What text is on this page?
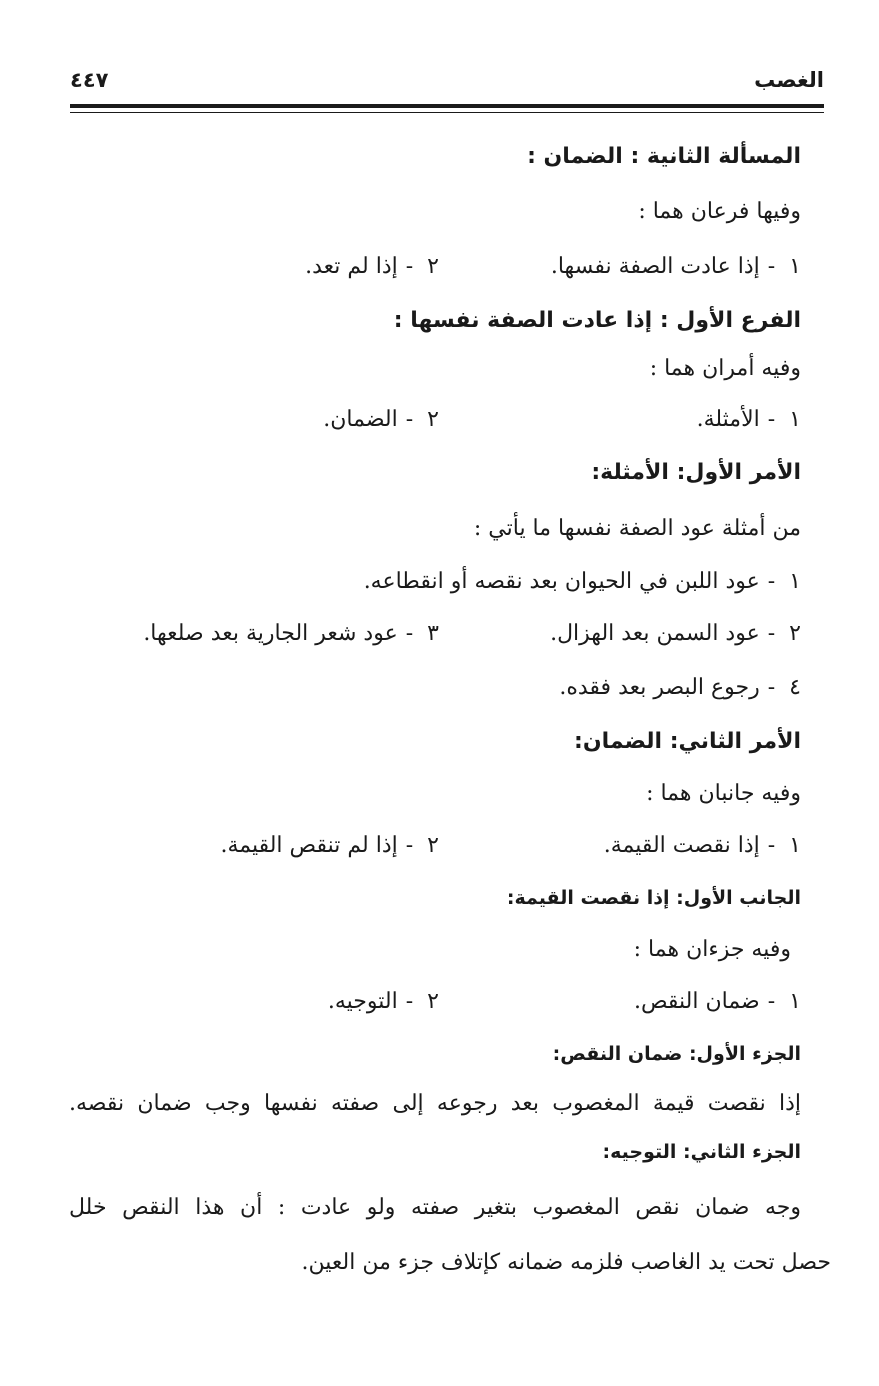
الغصب
٤٤٧
المسألة الثانية : الضمان :
وفيها فرعان هما :
١-إذا عادت الصفة نفسها.
٢-إذا لم تعد.
الفرع الأول : إذا عادت الصفة نفسها :
وفيه أمران هما :
١-الأمثلة.
٢-الضمان.
الأمر الأول: الأمثلة:
من أمثلة عود الصفة نفسها ما يأتي :
١-عود اللبن في الحيوان بعد نقصه أو انقطاعه.
٢-عود السمن بعد الهزال.
٣-عود شعر الجارية بعد صلعها.
٤-رجوع البصر بعد فقده.
الأمر الثاني: الضمان:
وفيه جانبان هما :
١-إذا نقصت القيمة.
٢-إذا لم تنقص القيمة.
الجانب الأول: إذا نقصت القيمة:
وفيه جزءان هما :
١-ضمان النقص.
٢-التوجيه.
الجزء الأول: ضمان النقص:
إذا نقصت قيمة المغصوب بعد رجوعه إلى صفته نفسها وجب ضمان نقصه.
الجزء الثاني: التوجيه:
وجه ضمان نقص المغصوب بتغير صفته ولو عادت : أن هذا النقص خلل
حصل تحت يد الغاصب فلزمه ضمانه كإتلاف جزء من العين.
